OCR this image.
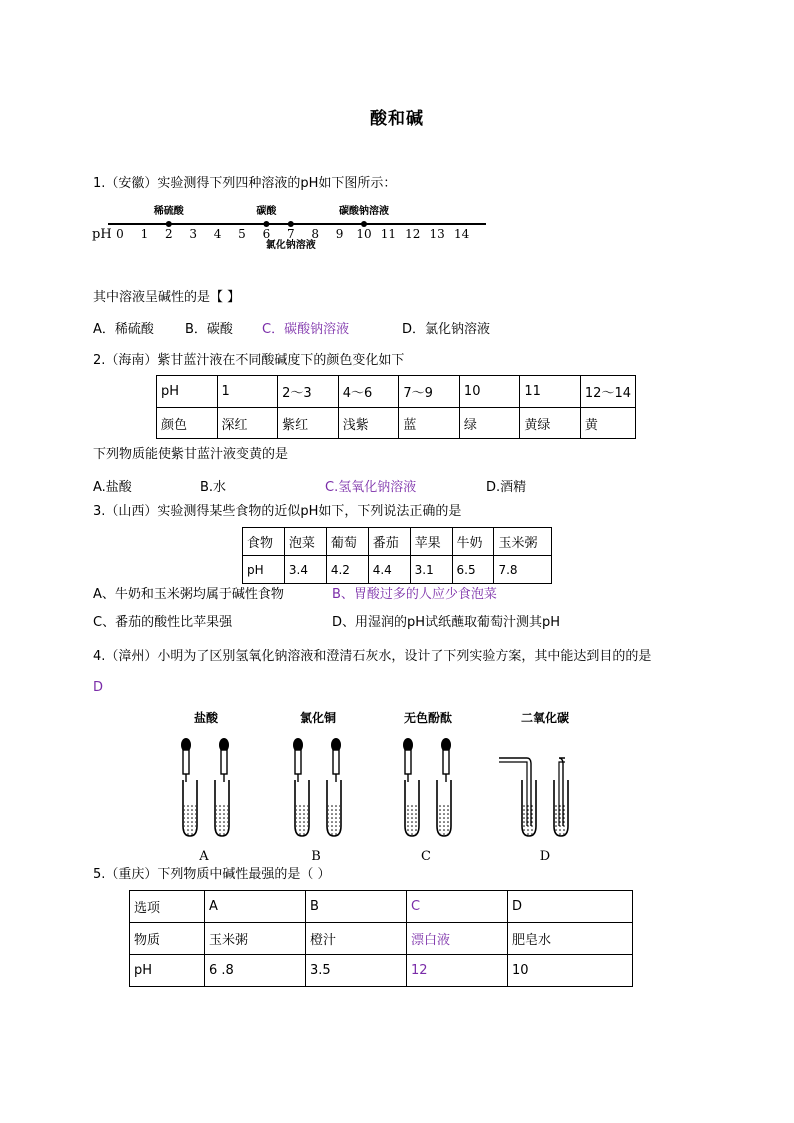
酸和碱
1.（安徽）实验测得下列四种溶液的pH如下图所示：
pH 0 1 2 3 4 5 6 7 8 9 10 11 12 13 14
稀硫酸	碳酸	碳酸钠溶液
氯化钠溶液
其中溶液呈碱性的是【 】
A．稀硫酸 B．碳酸 C．碳酸钠溶液	D．氯化钠溶液
2.（海南）紫甘蓝汁液在不同酸碱度下的颜色变化如下
pH	1	2～3	4～6	7～9	10	11	12～14
颜色	深红	紫红	浅紫	蓝	绿	黄绿	黄
下列物质能使紫甘蓝汁液变黄的是
A.盐酸	B.水	C.氢氧化钠溶液	D.酒精
3.（山西）实验测得某些食物的近似pH如下，下列说法正确的是
食物	泡菜	葡萄	番茄	苹果	牛奶	玉米粥
pH	3.4	4.2	4.4	3.1	6.5	7.8
A、牛奶和玉米粥均属于碱性食物	B、胃酸过多的人应少食泡菜
C、番茄的酸性比苹果强	D、用湿润的pH试纸蘸取葡萄汁测其pH
4.（漳州）小明为了区别氢氧化钠溶液和澄清石灰水，设计了下列实验方案，其中能达到目的的是
D
盐酸
A
氯化铜
B
无色酚酞
C
二氧化碳
D
5.（重庆）下列物质中碱性最强的是（ ）
选项	A	B	C	D
物质	玉米粥	橙汁	漂白液	肥皂水
pH	6 .8	3.5	12	10
